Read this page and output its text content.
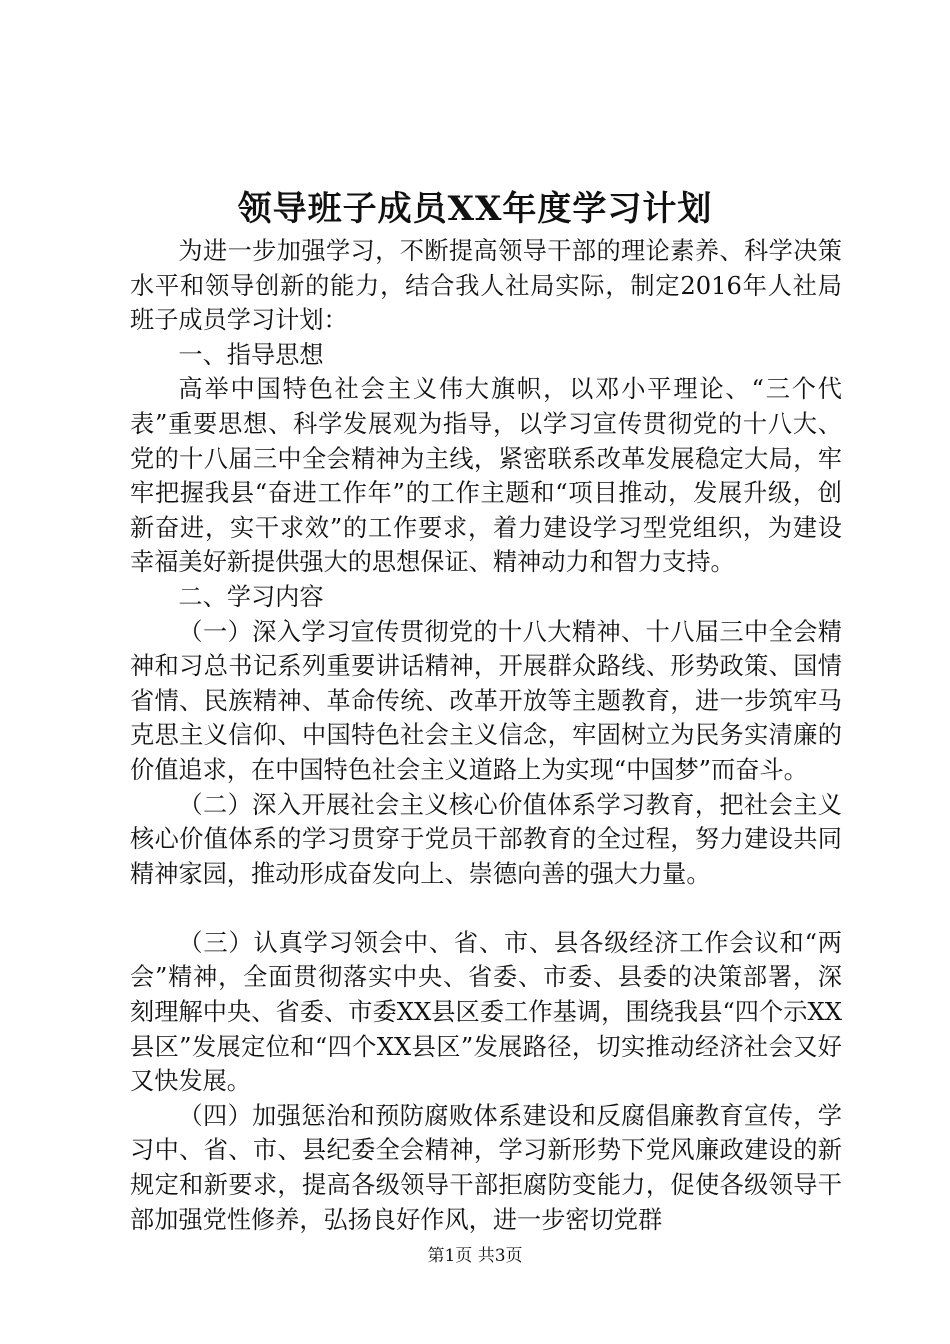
领导班子成员XX年度学习计划

为进一步加强学习，不断提高领导干部的理论素养、科学决策水平和领导创新的能力，结合我人社局实际，制定2016年人社局班子成员学习计划：

一、指导思想

高举中国特色社会主义伟大旗帜，以邓小平理论、“三个代表”重要思想、科学发展观为指导，以学习宣传贯彻党的十八大、党的十八届三中全会精神为主线，紧密联系改革发展稳定大局，牢牢把握我县“奋进工作年”的工作主题和“项目推动，发展升级，创新奋进，实干求效”的工作要求，着力建设学习型党组织，为建设幸福美好新提供强大的思想保证、精神动力和智力支持。

二、学习内容

（一）深入学习宣传贯彻党的十八大精神、十八届三中全会精神和习总书记系列重要讲话精神，开展群众路线、形势政策、国情省情、民族精神、革命传统、改革开放等主题教育，进一步筑牢马克思主义信仰、中国特色社会主义信念，牢固树立为民务实清廉的价值追求，在中国特色社会主义道路上为实现“中国梦”而奋斗。

（二）深入开展社会主义核心价值体系学习教育，把社会主义核心价值体系的学习贯穿于党员干部教育的全过程，努力建设共同精神家园，推动形成奋发向上、崇德向善的强大力量。

（三）认真学习领会中、省、市、县各级经济工作会议和“两会”精神，全面贯彻落实中央、省委、市委、县委的决策部署，深刻理解中央、省委、市委XX县区委工作基调，围绕我县“四个示XX县区”发展定位和“四个XX县区”发展路径，切实推动经济社会又好又快发展。

（四）加强惩治和预防腐败体系建设和反腐倡廉教育宣传，学习中、省、市、县纪委全会精神，学习新形势下党风廉政建设的新规定和新要求，提高各级领导干部拒腐防变能力，促使各级领导干部加强党性修养，弘扬良好作风，进一步密切党群

第1页 共3页
